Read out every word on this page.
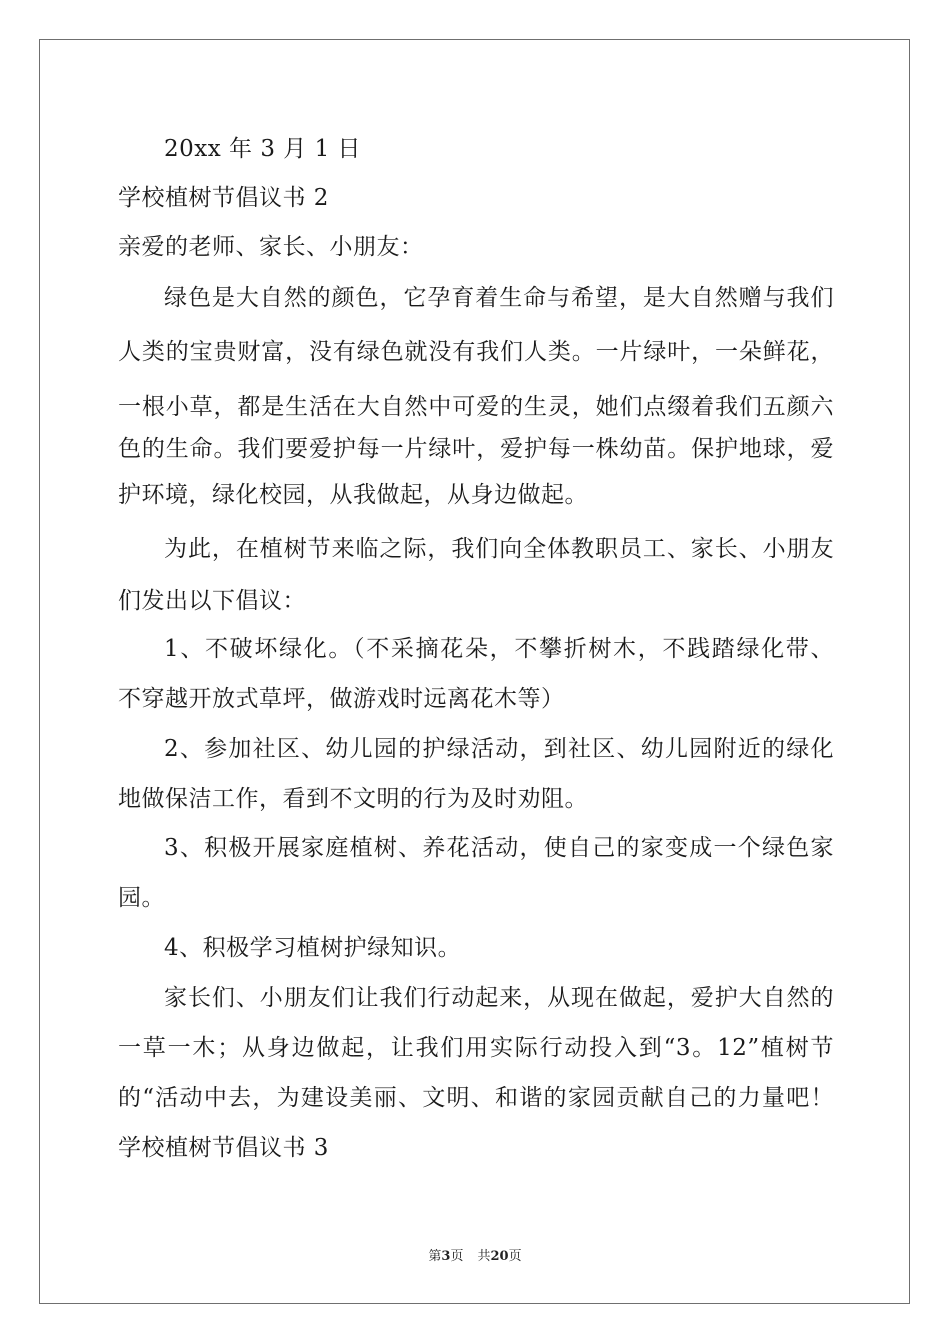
20xx 年 3 月 1 日
学校植树节倡议书 2
亲爱的老师、家长、小朋友：
绿色是大自然的颜色，它孕育着生命与希望，是大自然赠与我们
人类的宝贵财富，没有绿色就没有我们人类。一片绿叶，一朵鲜花，
一根小草，都是生活在大自然中可爱的生灵，她们点缀着我们五颜六
色的生命。我们要爱护每一片绿叶，爱护每一株幼苗。保护地球，爱
护环境，绿化校园，从我做起，从身边做起。
为此，在植树节来临之际，我们向全体教职员工、家长、小朋友
们发出以下倡议：
1、不破坏绿化。（不采摘花朵，不攀折树木，不践踏绿化带、
不穿越开放式草坪，做游戏时远离花木等）
2、参加社区、幼儿园的护绿活动，到社区、幼儿园附近的绿化
地做保洁工作，看到不文明的行为及时劝阻。
3、积极开展家庭植树、养花活动，使自己的家变成一个绿色家
园。
4、积极学习植树护绿知识。
家长们、小朋友们让我们行动起来，从现在做起，爱护大自然的
一草一木；从身边做起，让我们用实际行动投入到“3。12”植树节
的“活动中去，为建设美丽、文明、和谐的家园贡献自己的力量吧！
学校植树节倡议书 3
第3页 共20页
